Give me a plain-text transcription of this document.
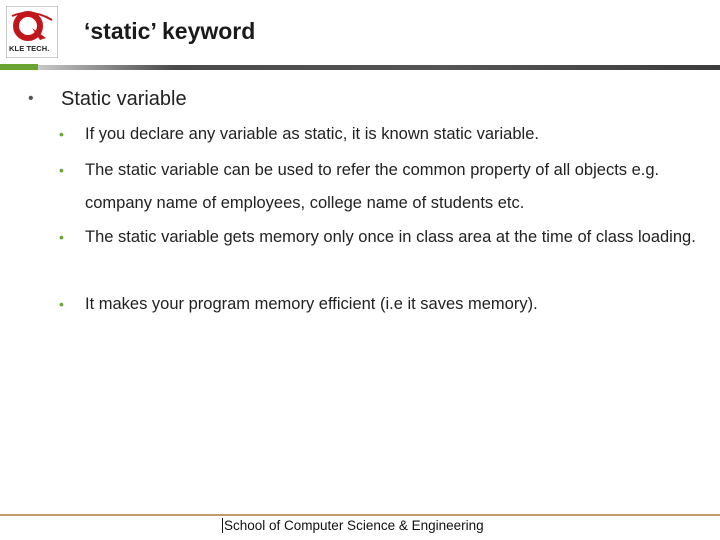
KLE TECH.
‘static’ keyword
• Static variable
•	If you declare any variable as static, it is known static variable.
•	The static variable can be used to refer the common property of all objects e.g. company name of employees, college name of students etc.
•	The static variable gets memory only once in class area at the time of class loading.
•	It makes your program memory efficient (i.e it saves memory).
School of Computer Science & Engineering
